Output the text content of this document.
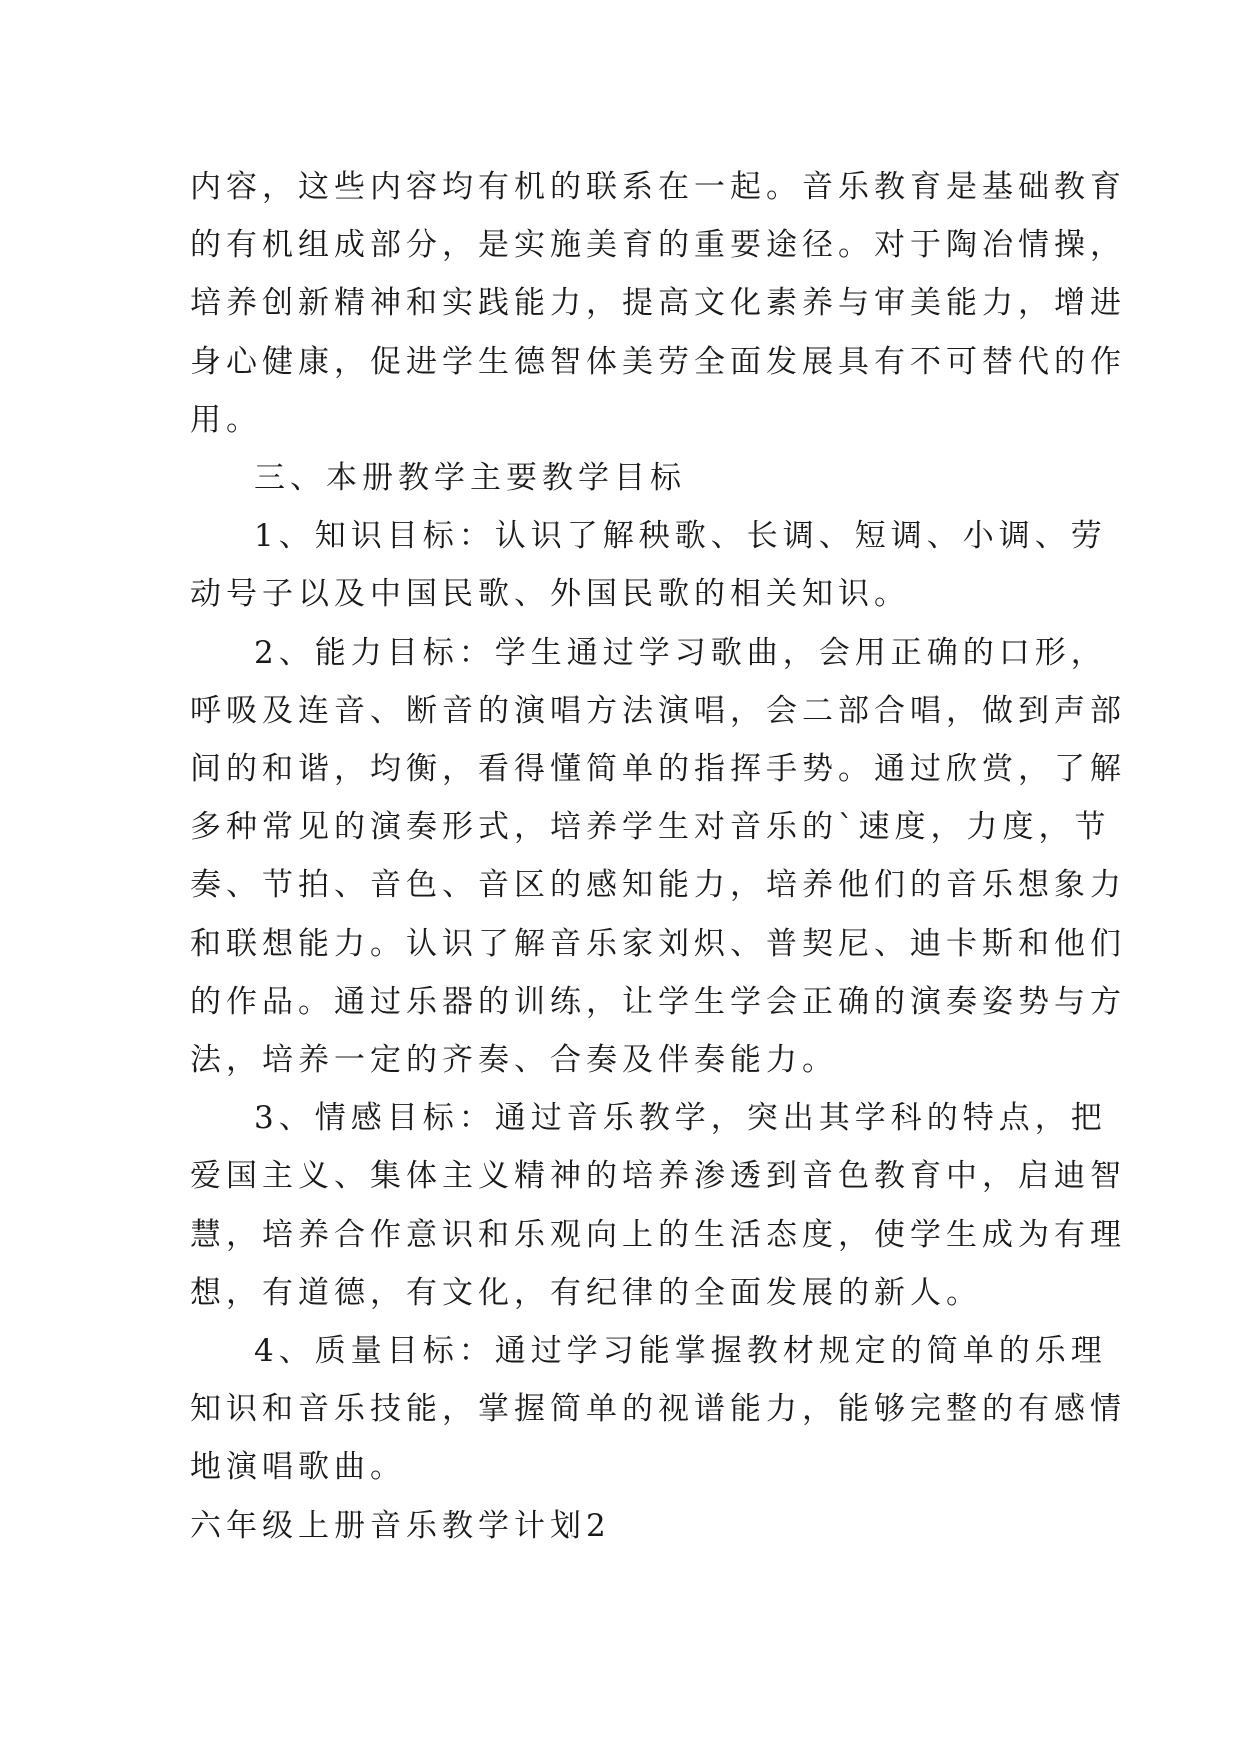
内容，这些内容均有机的联系在一起。音乐教育是基础教育
的有机组成部分，是实施美育的重要途径。对于陶冶情操，
培养创新精神和实践能力，提高文化素养与审美能力，增进
身心健康，促进学生德智体美劳全面发展具有不可替代的作
用。
三、本册教学主要教学目标
1、知识目标：认识了解秧歌、长调、短调、小调、劳
动号子以及中国民歌、外国民歌的相关知识。
2、能力目标：学生通过学习歌曲，会用正确的口形，
呼吸及连音、断音的演唱方法演唱，会二部合唱，做到声部
间的和谐，均衡，看得懂简单的指挥手势。通过欣赏，了解
多种常见的演奏形式，培养学生对音乐的`速度，力度，节
奏、节拍、音色、音区的感知能力，培养他们的音乐想象力
和联想能力。认识了解音乐家刘炽、普契尼、迪卡斯和他们
的作品。通过乐器的训练，让学生学会正确的演奏姿势与方
法，培养一定的齐奏、合奏及伴奏能力。
3、情感目标：通过音乐教学，突出其学科的特点，把
爱国主义、集体主义精神的培养渗透到音色教育中，启迪智
慧，培养合作意识和乐观向上的生活态度，使学生成为有理
想，有道德，有文化，有纪律的全面发展的新人。
4、质量目标：通过学习能掌握教材规定的简单的乐理
知识和音乐技能，掌握简单的视谱能力，能够完整的有感情
地演唱歌曲。
六年级上册音乐教学计划2
